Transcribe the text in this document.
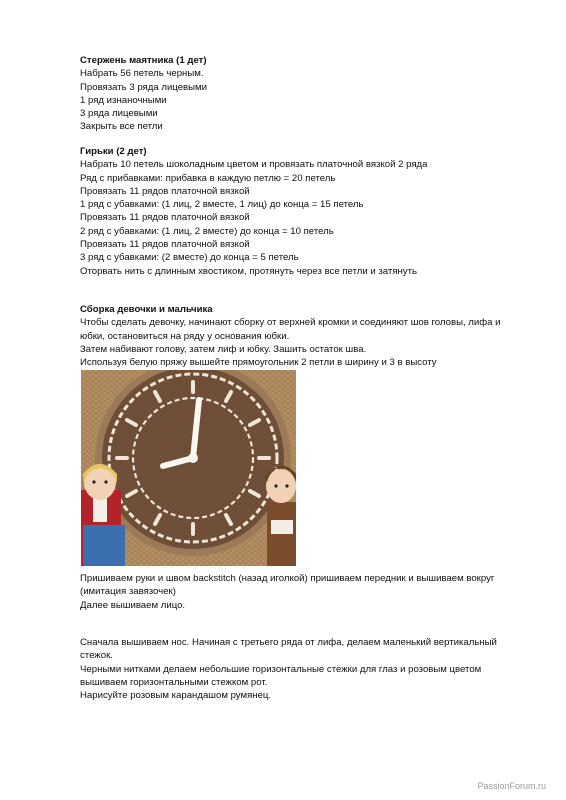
Стержень маятника (1 дет)

Набрать 56 петель черным.

Провязать 3 ряда лицевыми

1 ряд изнаночными

3 ряда лицевыми

Закрыть все петли

Гирьки (2 дет)

Набрать 10 петель шоколадным цветом и провязать платочной вязкой 2 ряда

Ряд с прибавками: прибавка в каждую петлю = 20 петель

Провязать 11 рядов платочной вязкой

1 ряд с убавками: (1 лиц, 2 вместе, 1 лиц) до конца = 15 петель

Провязать 11 рядов платочной вязкой

2 ряд с убавками: (1 лиц, 2 вместе) до конца = 10 петель

Провязать 11 рядов платочной вязкой

3 ряд с убавками: (2 вместе) до конца = 5 петель

Оторвать нить с длинным хвостиком, протянуть через все петли и затянуть

Сборка девочки и мальчика

Чтобы сделать девочку, начинают сборку от верхней кромки и соединяют шов головы, лифа и

юбки, остановиться на ряду у основания юбки.

Затем набивают голову, затем лиф и юбку. Зашить остаток шва.

Используя белую пряжу вышейте прямоугольник 2 петли в ширину и 3 в высоту

Пришиваем руки и швом backstitch (назад иголкой) пришиваем передник и вышиваем вокруг

(имитация завязочек)

Далее вышиваем лицо.

Сначала вышиваем нос. Начиная с третьего ряда от лифа, делаем маленький вертикальный

стежок.

Черными нитками делаем небольшие горизонтальные стежки для глаз и розовым цветом

вышиваем горизонтальными стежком рот.

Нарисуйте розовым карандашом румянец.

PassionForum.ru
